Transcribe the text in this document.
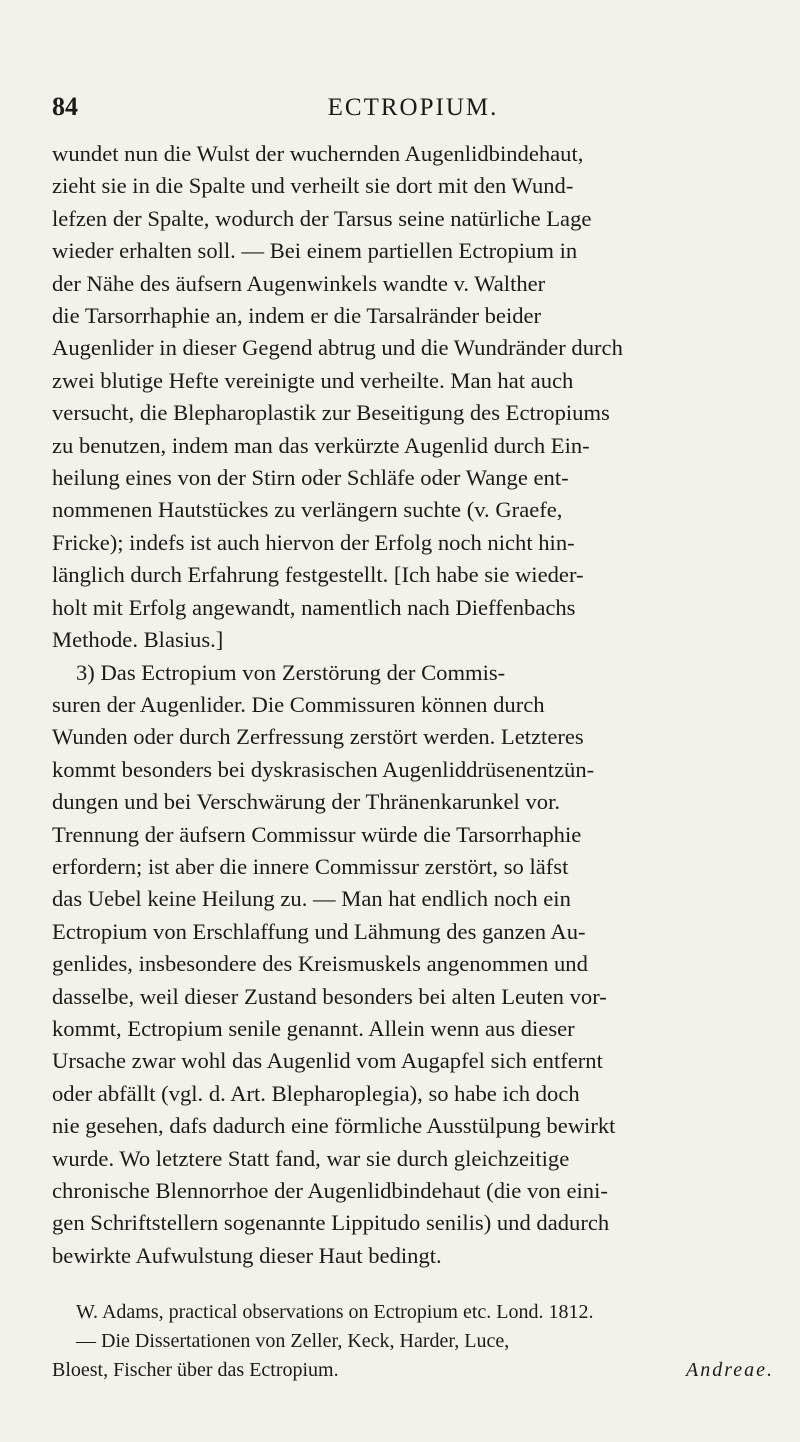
84	ECTROPIUM.

wundet nun die Wulst der wuchernden Augenlidbindehaut,

zieht sie in die Spalte und verheilt sie dort mit den Wund-

lefzen der Spalte, wodurch der Tarsus seine natürliche Lage

wieder erhalten soll. — Bei einem partiellen Ectropium in

der Nähe des äufsern Augenwinkels wandte v. Walther

die Tarsorrhaphie an, indem er die Tarsalränder beider

Augenlider in dieser Gegend abtrug und die Wundränder durch

zwei blutige Hefte vereinigte und verheilte. Man hat auch

versucht, die Blepharoplastik zur Beseitigung des Ectropiums

zu benutzen, indem man das verkürzte Augenlid durch Ein-

heilung eines von der Stirn oder Schläfe oder Wange ent-

nommenen Hautstückes zu verlängern suchte (v. Graefe,

Fricke); indefs ist auch hiervon der Erfolg noch nicht hin-

länglich durch Erfahrung festgestellt. [Ich habe sie wieder-

holt mit Erfolg angewandt, namentlich nach Dieffenbachs

Methode. Blasius.]

3) Das Ectropium von Zerstörung der Commis-

suren der Augenlider. Die Commissuren können durch

Wunden oder durch Zerfressung zerstört werden. Letzteres

kommt besonders bei dyskrasischen Augenliddrüsenentzün-

dungen und bei Verschwärung der Thränenkarunkel vor.

Trennung der äufsern Commissur würde die Tarsorrhaphie

erfordern; ist aber die innere Commissur zerstört, so läfst

das Uebel keine Heilung zu. — Man hat endlich noch ein

Ectropium von Erschlaffung und Lähmung des ganzen Au-

genlides, insbesondere des Kreismuskels angenommen und

dasselbe, weil dieser Zustand besonders bei alten Leuten vor-

kommt, Ectropium senile genannt. Allein wenn aus dieser

Ursache zwar wohl das Augenlid vom Augapfel sich entfernt

oder abfällt (vgl. d. Art. Blepharoplegia), so habe ich doch

nie gesehen, dafs dadurch eine förmliche Ausstülpung bewirkt

wurde. Wo letztere Statt fand, war sie durch gleichzeitige

chronische Blennorrhoe der Augenlidbindehaut (die von eini-

gen Schriftstellern sogenannte Lippitudo senilis) und dadurch

bewirkte Aufwulstung dieser Haut bedingt.

W. Adams, practical observations on Ectropium etc. Lond. 1812.

— Die Dissertationen von Zeller, Keck, Harder, Luce,

Bloest, Fischer über das Ectropium.	Andreae.
